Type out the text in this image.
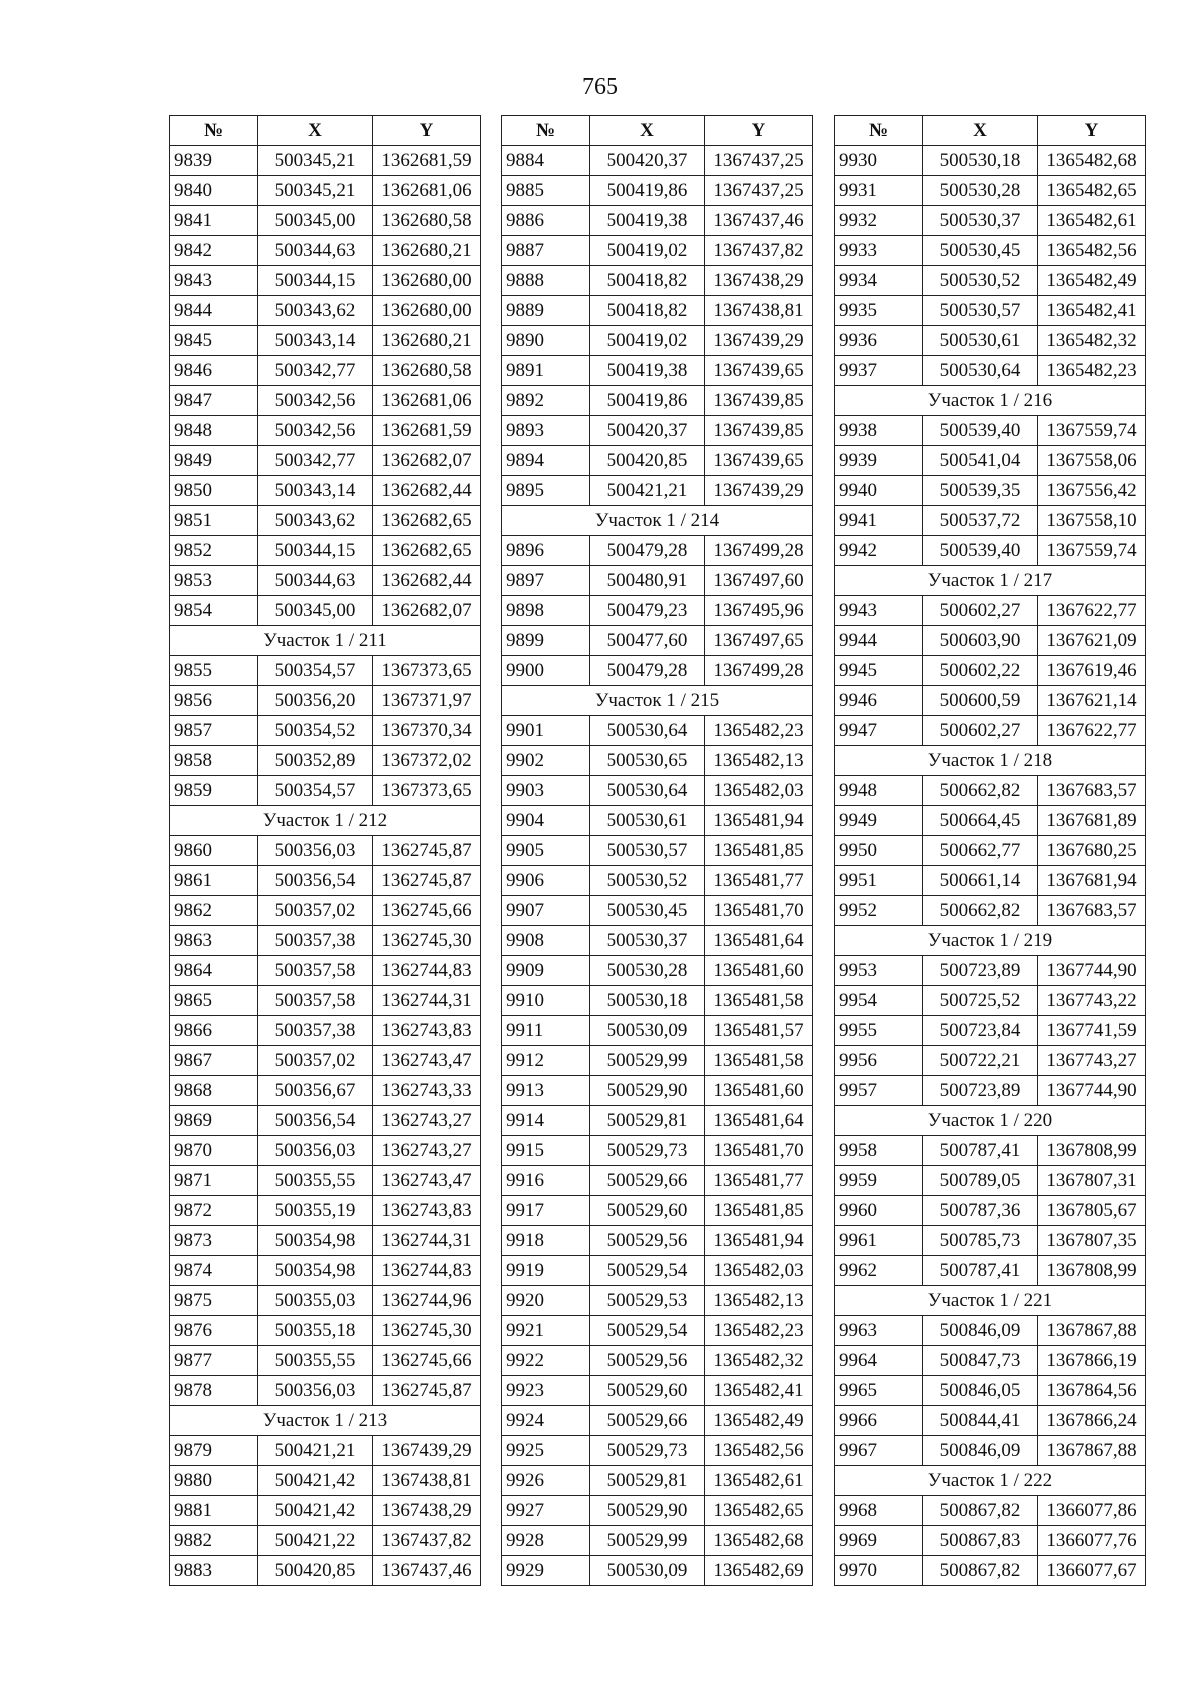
765
№	X	Y
9839	500345,21	1362681,59
9840	500345,21	1362681,06
9841	500345,00	1362680,58
9842	500344,63	1362680,21
9843	500344,15	1362680,00
9844	500343,62	1362680,00
9845	500343,14	1362680,21
9846	500342,77	1362680,58
9847	500342,56	1362681,06
9848	500342,56	1362681,59
9849	500342,77	1362682,07
9850	500343,14	1362682,44
9851	500343,62	1362682,65
9852	500344,15	1362682,65
9853	500344,63	1362682,44
9854	500345,00	1362682,07
Участок 1 / 211		
9855	500354,57	1367373,65
9856	500356,20	1367371,97
9857	500354,52	1367370,34
9858	500352,89	1367372,02
9859	500354,57	1367373,65
Участок 1 / 212		
9860	500356,03	1362745,87
9861	500356,54	1362745,87
9862	500357,02	1362745,66
9863	500357,38	1362745,30
9864	500357,58	1362744,83
9865	500357,58	1362744,31
9866	500357,38	1362743,83
9867	500357,02	1362743,47
9868	500356,67	1362743,33
9869	500356,54	1362743,27
9870	500356,03	1362743,27
9871	500355,55	1362743,47
9872	500355,19	1362743,83
9873	500354,98	1362744,31
9874	500354,98	1362744,83
9875	500355,03	1362744,96
9876	500355,18	1362745,30
9877	500355,55	1362745,66
9878	500356,03	1362745,87
Участок 1 / 213		
9879	500421,21	1367439,29
9880	500421,42	1367438,81
9881	500421,42	1367438,29
9882	500421,22	1367437,82
9883	500420,85	1367437,46
№	X	Y
9884	500420,37	1367437,25
9885	500419,86	1367437,25
9886	500419,38	1367437,46
9887	500419,02	1367437,82
9888	500418,82	1367438,29
9889	500418,82	1367438,81
9890	500419,02	1367439,29
9891	500419,38	1367439,65
9892	500419,86	1367439,85
9893	500420,37	1367439,85
9894	500420,85	1367439,65
9895	500421,21	1367439,29
Участок 1 / 214		
9896	500479,28	1367499,28
9897	500480,91	1367497,60
9898	500479,23	1367495,96
9899	500477,60	1367497,65
9900	500479,28	1367499,28
Участок 1 / 215		
9901	500530,64	1365482,23
9902	500530,65	1365482,13
9903	500530,64	1365482,03
9904	500530,61	1365481,94
9905	500530,57	1365481,85
9906	500530,52	1365481,77
9907	500530,45	1365481,70
9908	500530,37	1365481,64
9909	500530,28	1365481,60
9910	500530,18	1365481,58
9911	500530,09	1365481,57
9912	500529,99	1365481,58
9913	500529,90	1365481,60
9914	500529,81	1365481,64
9915	500529,73	1365481,70
9916	500529,66	1365481,77
9917	500529,60	1365481,85
9918	500529,56	1365481,94
9919	500529,54	1365482,03
9920	500529,53	1365482,13
9921	500529,54	1365482,23
9922	500529,56	1365482,32
9923	500529,60	1365482,41
9924	500529,66	1365482,49
9925	500529,73	1365482,56
9926	500529,81	1365482,61
9927	500529,90	1365482,65
9928	500529,99	1365482,68
9929	500530,09	1365482,69
№	X	Y
9930	500530,18	1365482,68
9931	500530,28	1365482,65
9932	500530,37	1365482,61
9933	500530,45	1365482,56
9934	500530,52	1365482,49
9935	500530,57	1365482,41
9936	500530,61	1365482,32
9937	500530,64	1365482,23
Участок 1 / 216		
9938	500539,40	1367559,74
9939	500541,04	1367558,06
9940	500539,35	1367556,42
9941	500537,72	1367558,10
9942	500539,40	1367559,74
Участок 1 / 217		
9943	500602,27	1367622,77
9944	500603,90	1367621,09
9945	500602,22	1367619,46
9946	500600,59	1367621,14
9947	500602,27	1367622,77
Участок 1 / 218		
9948	500662,82	1367683,57
9949	500664,45	1367681,89
9950	500662,77	1367680,25
9951	500661,14	1367681,94
9952	500662,82	1367683,57
Участок 1 / 219		
9953	500723,89	1367744,90
9954	500725,52	1367743,22
9955	500723,84	1367741,59
9956	500722,21	1367743,27
9957	500723,89	1367744,90
Участок 1 / 220		
9958	500787,41	1367808,99
9959	500789,05	1367807,31
9960	500787,36	1367805,67
9961	500785,73	1367807,35
9962	500787,41	1367808,99
Участок 1 / 221		
9963	500846,09	1367867,88
9964	500847,73	1367866,19
9965	500846,05	1367864,56
9966	500844,41	1367866,24
9967	500846,09	1367867,88
Участок 1 / 222		
9968	500867,82	1366077,86
9969	500867,83	1366077,76
9970	500867,82	1366077,67
